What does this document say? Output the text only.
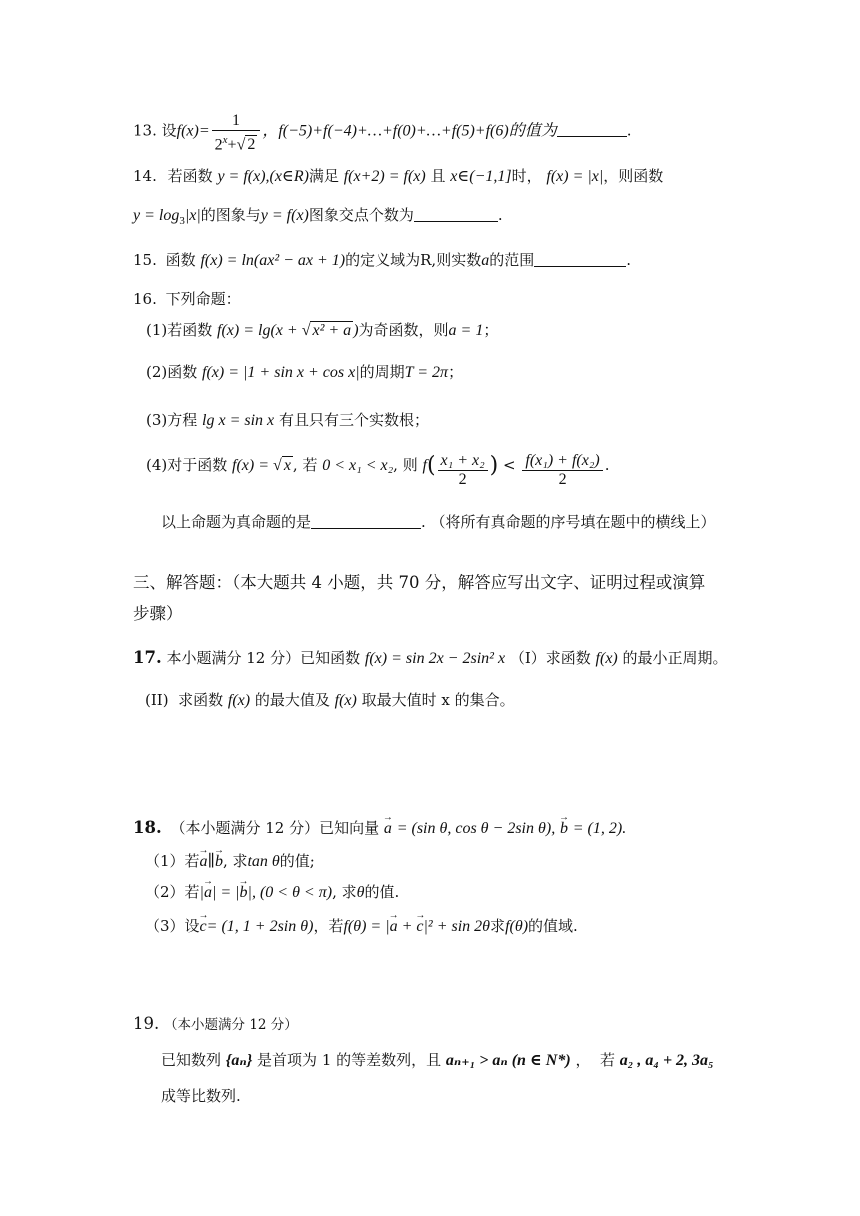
13. 设$f(x)= \frac{1}{2^x+√ 2}$ ，f(−5)+f(−4)+…+f(0)+…+f(5)+f(6)的值为	.
14. 若函数 y = f(x),(x∈R)满足 f(x+2) = f(x) 且 x∈(−1,1]时， f(x) = |x|，则函数
$y = \log_3|x|$的图象与y = f(x)图象交点个数为	.
15. 函数 f(x) = ln(ax² − ax + 1)的定义域为R,则实数a的范围	.
16. 下列命题：
(1)若函数 f(x) = lg(x + √ x² + a )为奇函数，则a = 1；
(2)函数 f(x) = |1 + sin x + cos x|的周期T = 2π；
(3)方程 lg x = sin x 有且只有三个实数根；
(4)对于函数 f(x) = √ x , 若 0 < x₁ < x₂, 则 $f( \frac{\text{x₁ + x₂}}{2}$ ) < $\frac{\text{f(x₁) + f(x₂)}}{2}$ .
以上命题为真命题的是	. （将所有真命题的序号填在题中的横线上）
三、解答题：（本大题共 4 小题，共 70 分，解答应写出文字、证明过程或演算
步骤）
17. 本小题满分 12 分）已知函数 f(x) = sin 2x − 2sin² x （I）求函数 f(x) 的最小正周期。
(II)  求函数 f(x) 的最大值及 f(x) 取最大值时 x 的集合。
18. （本小题满分 12 分）已知向量 → a = (sin θ, cos θ − 2sin θ), → b = (1, 2).
（1）若→ a∥→ b, 求tan θ的值;
（2）若|→ a| = |→ b|, (0 < θ < π), 求θ的值.
（3）设→ c= (1, 1 + 2sin θ)，若f(θ) = |→ a + → c|² + sin 2θ求f(θ)的值域.
19. （本小题满分 12 分）
已知数列 {aₙ} 是首项为 1 的等差数列，且 aₙ₊₁ > aₙ (n ∈ N*) ，  若 a₂ , a₄ + 2, 3a₅
成等比数列.
